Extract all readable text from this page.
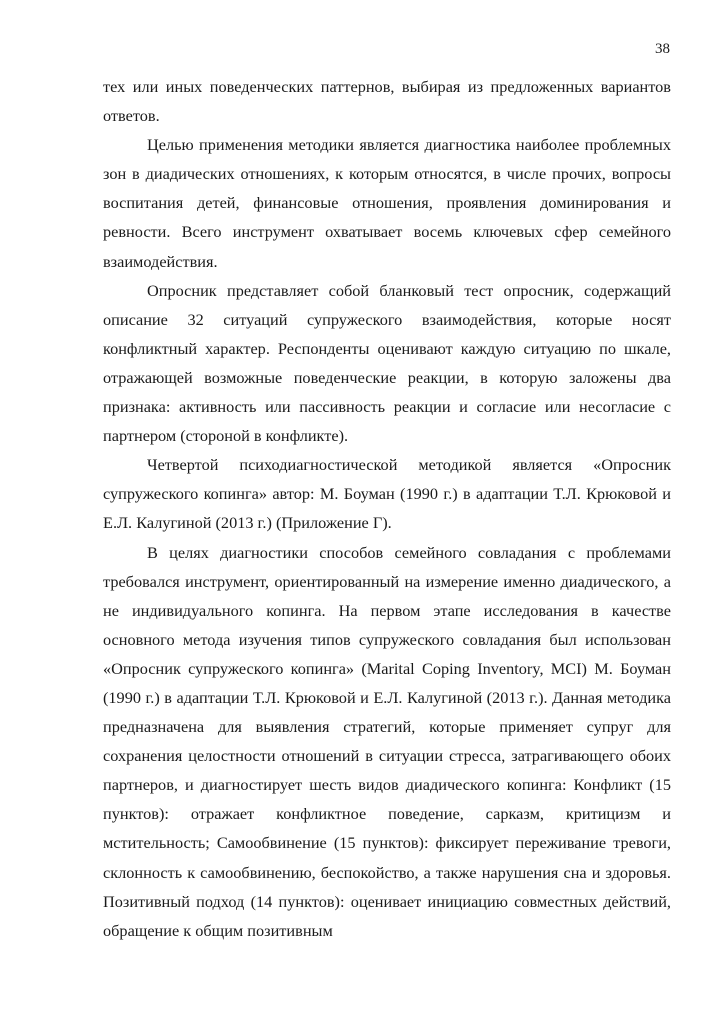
38

тех или иных поведенческих паттернов, выбирая из предложенных вариантов ответов.

Целью применения методики является диагностика наиболее проблемных зон в диадических отношениях, к которым относятся, в числе прочих, вопросы воспитания детей, финансовые отношения, проявления доминирования и ревности. Всего инструмент охватывает восемь ключевых сфер семейного взаимодействия.

Опросник представляет собой бланковый тест опросник, содержащий описание 32 ситуаций супружеского взаимодействия, которые носят конфликтный характер. Респонденты оценивают каждую ситуацию по шкале, отражающей возможные поведенческие реакции, в которую заложены два признака: активность или пассивность реакции и согласие или несогласие с партнером (стороной в конфликте).

Четвертой психодиагностической методикой является «Опросник супружеского копинга» автор: М. Боуман (1990 г.) в адаптации Т.Л. Крюковой и Е.Л. Калугиной (2013 г.) (Приложение Г).

В целях диагностики способов семейного совладания с проблемами требовался инструмент, ориентированный на измерение именно диадического, а не индивидуального копинга. На первом этапе исследования в качестве основного метода изучения типов супружеского совладания был использован «Опросник супружеского копинга» (Marital Coping Inventory, MCI) М. Боуман (1990 г.) в адаптации Т.Л. Крюковой и Е.Л. Калугиной (2013 г.). Данная методика предназначена для выявления стратегий, которые применяет супруг для сохранения целостности отношений в ситуации стресса, затрагивающего обоих партнеров, и диагностирует шесть видов диадического копинга: Конфликт (15 пунктов): отражает конфликтное поведение, сарказм, критицизм и мстительность; Самообвинение (15 пунктов): фиксирует переживание тревоги, склонность к самообвинению, беспокойство, а также нарушения сна и здоровья. Позитивный подход (14 пунктов): оценивает инициацию совместных действий, обращение к общим позитивным
